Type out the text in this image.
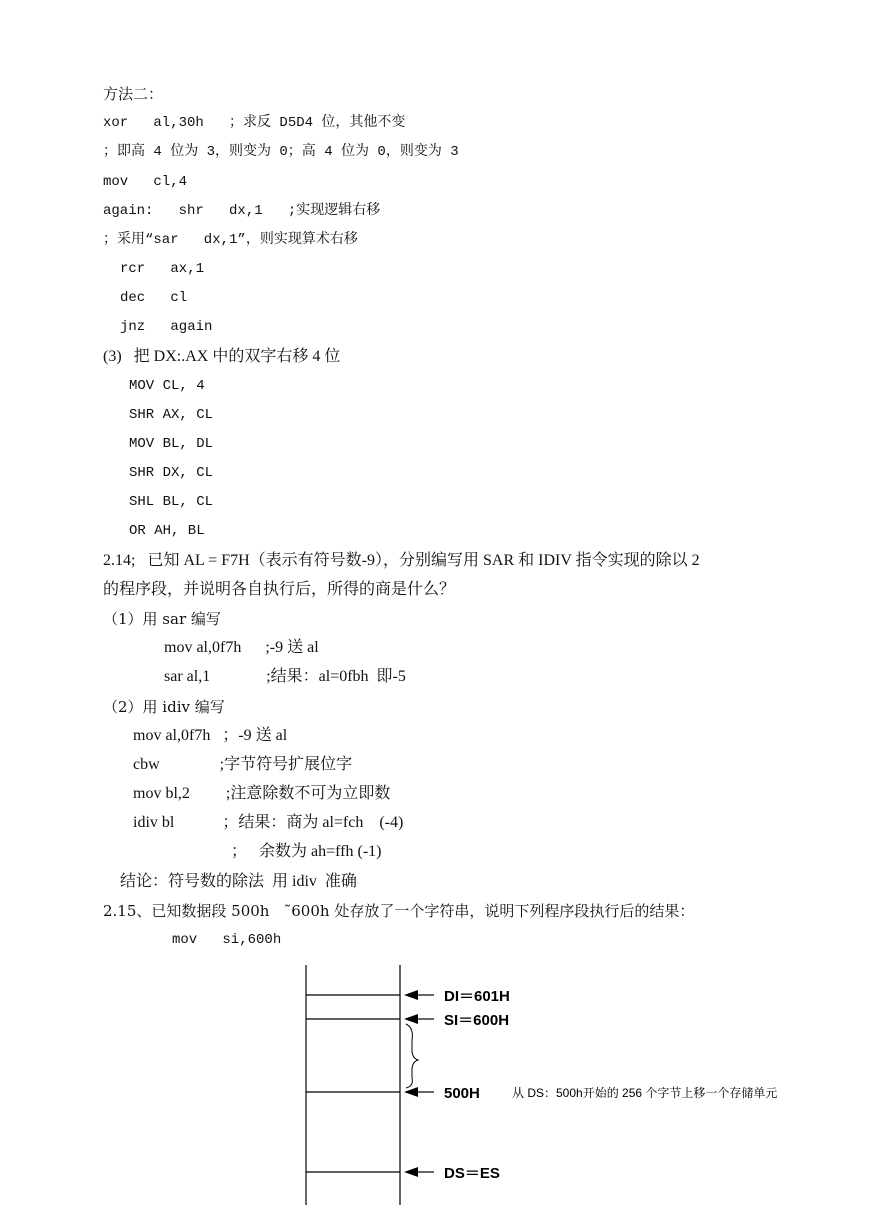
方法二：
xor   al,30h   ；求反 D5D4 位，其他不变
；即高 4 位为 3，则变为 0；高 4 位为 0，则变为 3
mov   cl,4
again:   shr   dx,1   ;实现逻辑右移
；采用“sar   dx,1”，则实现算术右移
rcr   ax,1
dec   cl
jnz   again
(3)   把 DX:.AX 中的双字右移 4 位
MOV CL, 4
SHR AX, CL
MOV BL, DL
SHR DX, CL
SHL BL, CL
OR AH, BL
2.14;   已知 AL = F7H（表示有符号数-9），分别编写用 SAR 和 IDIV 指令实现的除以 2
的程序段，并说明各自执行后，所得的商是什么？
（1）用 sar 编写
mov al,0f7h      ;-9 送 al
sar al,1              ;结果：al=0fbh  即-5
（2）用 idiv 编写
mov al,0f7h   ；-9 送 al
cbw               ;字节符号扩展位字
mov bl,2         ;注意除数不可为立即数
idiv bl            ；结果：商为 al=fch    (-4)
；   余数为 ah=ffh (-1)
结论：符号数的除法  用 idiv  准确
2.15、已知数据段 500h   ˜600h 处存放了一个字符串，说明下列程序段执行后的结果：
mov   si,600h
DI＝601H
SI＝600H
500H	从 DS：500h开始的 256 个字节上移一个存储单元
DS＝ES
